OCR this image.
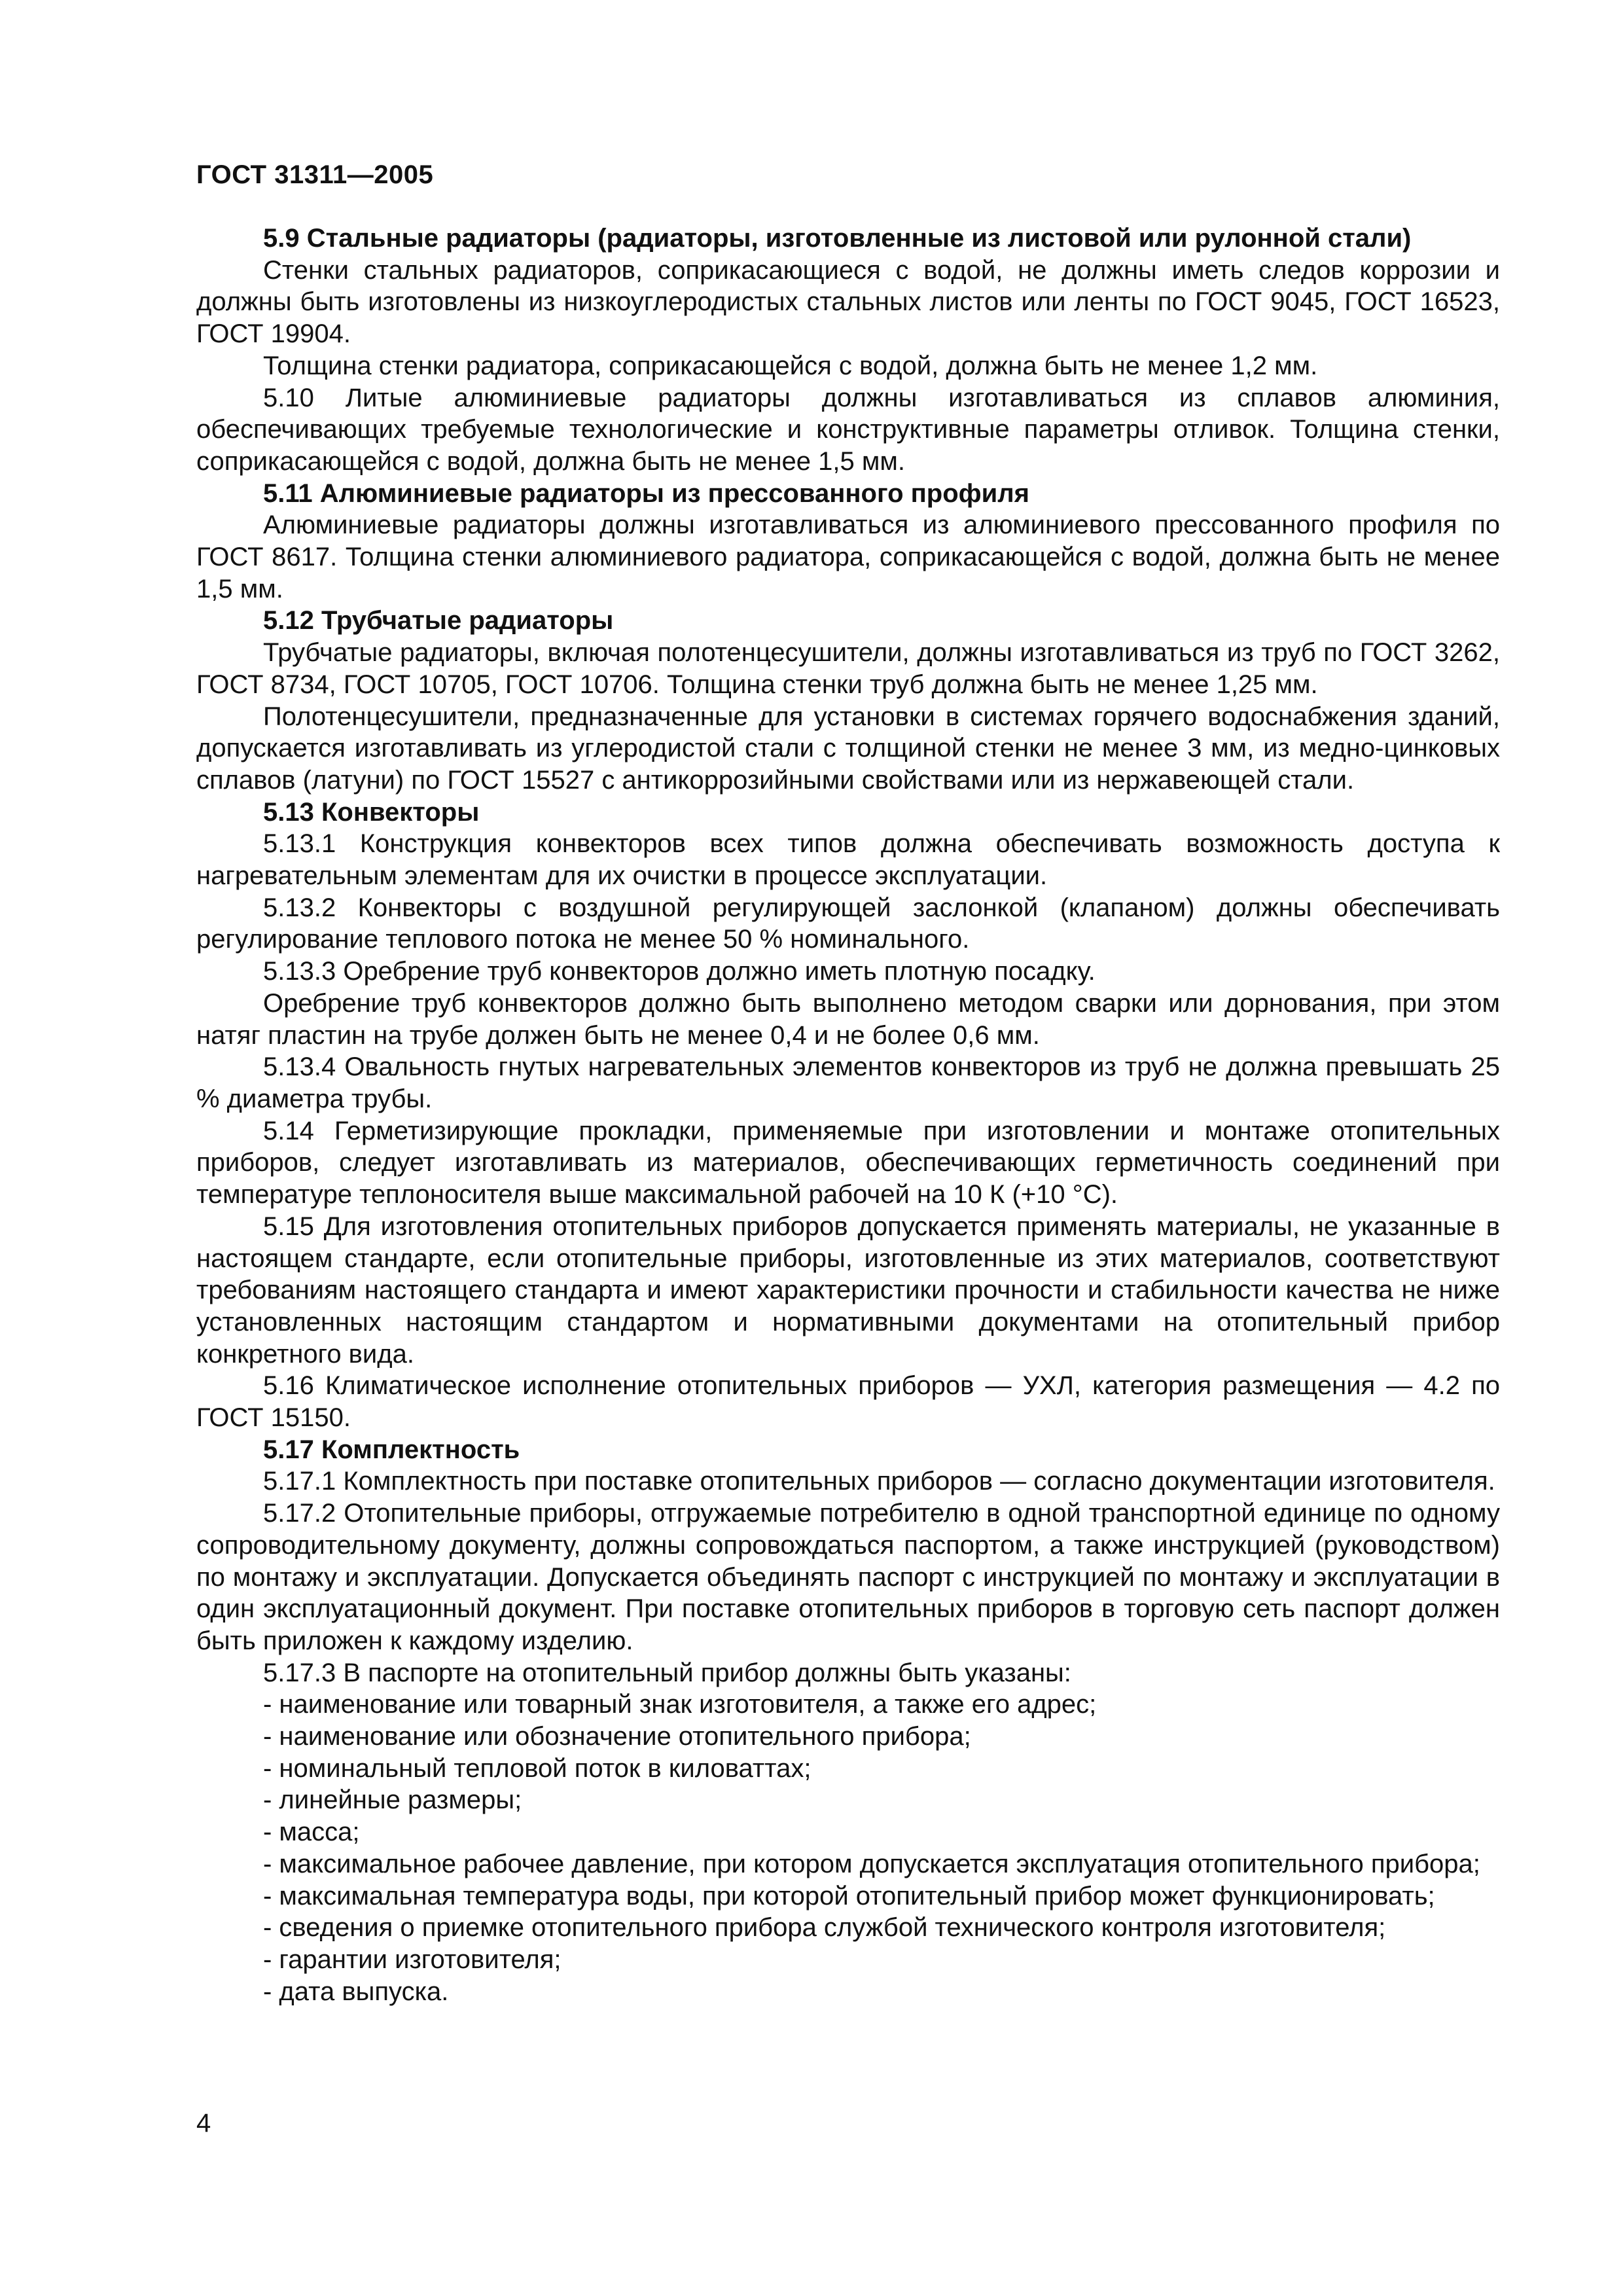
ГОСТ 31311—2005

5.9 Стальные радиаторы (радиаторы, изготовленные из листовой или рулонной стали)

Стенки стальных радиаторов, соприкасающиеся с водой, не должны иметь следов коррозии и должны быть изготовлены из низкоуглеродистых стальных листов или ленты по ГОСТ 9045, ГОСТ 16523, ГОСТ 19904.

Толщина стенки радиатора, соприкасающейся с водой, должна быть не менее 1,2 мм.

5.10 Литые алюминиевые радиаторы должны изготавливаться из сплавов алюминия, обеспечивающих требуемые технологические и конструктивные параметры отливок. Толщина стенки, соприкасающейся с водой, должна быть не менее 1,5 мм.

5.11 Алюминиевые радиаторы из прессованного профиля

Алюминиевые радиаторы должны изготавливаться из алюминиевого прессованного профиля по ГОСТ 8617. Толщина стенки алюминиевого радиатора, соприкасающейся с водой, должна быть не менее 1,5 мм.

5.12 Трубчатые радиаторы

Трубчатые радиаторы, включая полотенцесушители, должны изготавливаться из труб по ГОСТ 3262, ГОСТ 8734, ГОСТ 10705, ГОСТ 10706. Толщина стенки труб должна быть не менее 1,25 мм.

Полотенцесушители, предназначенные для установки в системах горячего водоснабжения зданий, допускается изготавливать из углеродистой стали с толщиной стенки не менее 3 мм, из медно-цинковых сплавов (латуни) по ГОСТ 15527 с антикоррозийными свойствами или из нержавеющей стали.

5.13 Конвекторы

5.13.1 Конструкция конвекторов всех типов должна обеспечивать возможность доступа к нагревательным элементам для их очистки в процессе эксплуатации.

5.13.2 Конвекторы с воздушной регулирующей заслонкой (клапаном) должны обеспечивать регулирование теплового потока не менее 50 % номинального.

5.13.3 Оребрение труб конвекторов должно иметь плотную посадку.

Оребрение труб конвекторов должно быть выполнено методом сварки или дорнования, при этом натяг пластин на трубе должен быть не менее 0,4 и не более 0,6 мм.

5.13.4 Овальность гнутых нагревательных элементов конвекторов из труб не должна превышать 25 % диаметра трубы.

5.14 Герметизирующие прокладки, применяемые при изготовлении и монтаже отопительных приборов, следует изготавливать из материалов, обеспечивающих герметичность соединений при температуре теплоносителя выше максимальной рабочей на 10 К (+10 °С).

5.15 Для изготовления отопительных приборов допускается применять материалы, не указанные в настоящем стандарте, если отопительные приборы, изготовленные из этих материалов, соответствуют требованиям настоящего стандарта и имеют характеристики прочности и стабильности качества не ниже установленных настоящим стандартом и нормативными документами на отопительный прибор конкретного вида.

5.16 Климатическое исполнение отопительных приборов — УХЛ, категория размещения — 4.2 по ГОСТ 15150.

5.17 Комплектность

5.17.1 Комплектность при поставке отопительных приборов — согласно документации изготовителя.

5.17.2 Отопительные приборы, отгружаемые потребителю в одной транспортной единице по одному сопроводительному документу, должны сопровождаться паспортом, а также инструкцией (руководством) по монтажу и эксплуатации. Допускается объединять паспорт с инструкцией по монтажу и эксплуатации в один эксплуатационный документ. При поставке отопительных приборов в торговую сеть паспорт должен быть приложен к каждому изделию.

5.17.3 В паспорте на отопительный прибор должны быть указаны:

- наименование или товарный знак изготовителя, а также его адрес;

- наименование или обозначение отопительного прибора;

- номинальный тепловой поток в киловаттах;

- линейные размеры;

- масса;

- максимальное рабочее давление, при котором допускается эксплуатация отопительного прибора;

- максимальная температура воды, при которой отопительный прибор может функционировать;

- сведения о приемке отопительного прибора службой технического контроля изготовителя;

- гарантии изготовителя;

- дата выпуска.

4
